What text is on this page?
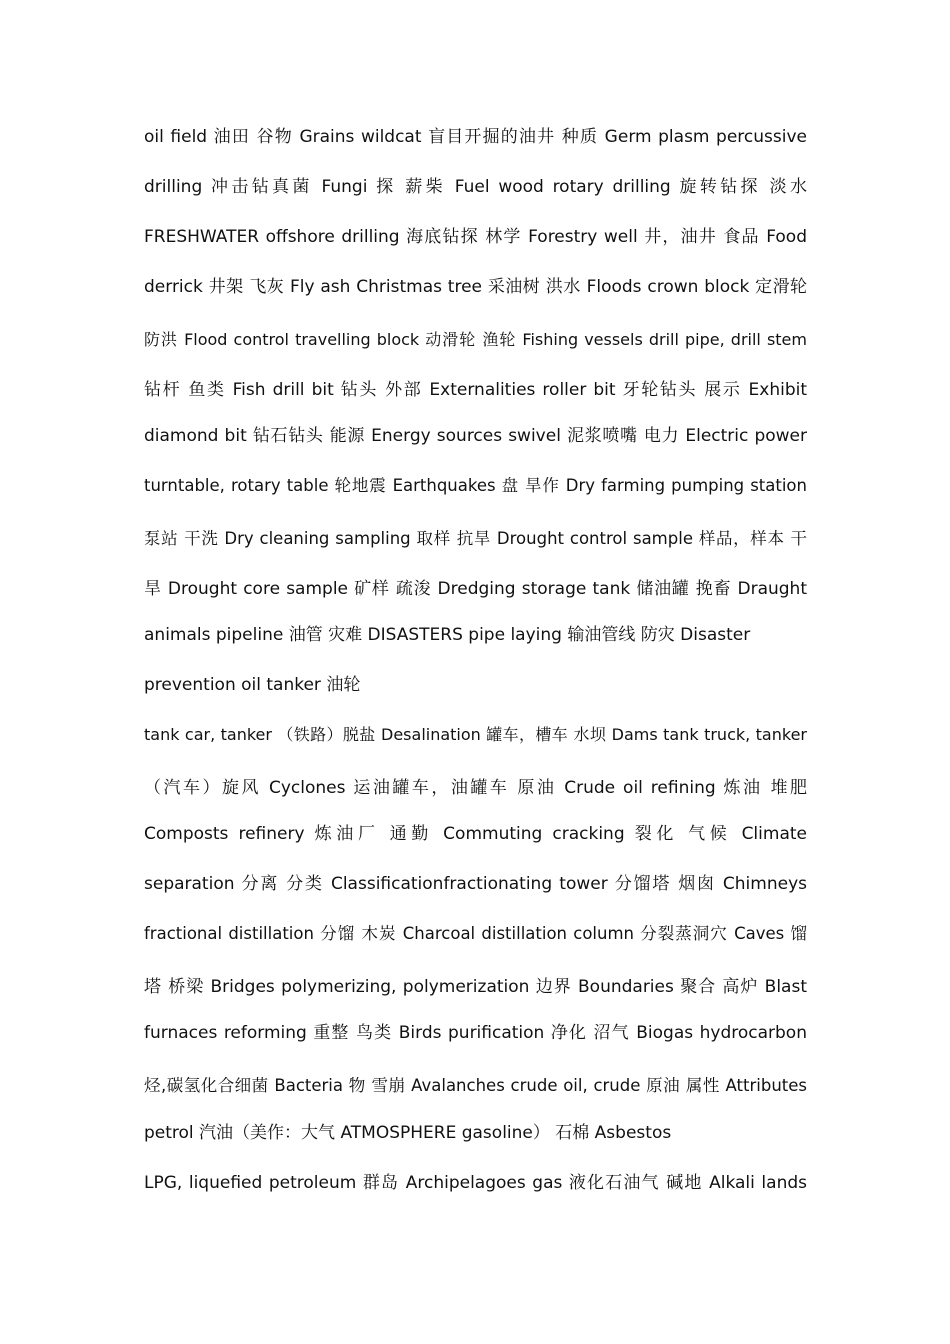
oil field 油田 谷物 Grains wildcat 盲目开掘的油井 种质 Germ plasm percussive
drilling 冲击钻真菌 Fungi 探 薪柴 Fuel wood rotary drilling 旋转钻探 淡水
FRESHWATER offshore drilling 海底钻探 林学 Forestry well 井，油井 食品 Food
derrick 井架 飞灰 Fly ash Christmas tree 采油树 洪水 Floods crown block 定滑轮
防洪 Flood control travelling block 动滑轮 渔轮 Fishing vessels drill pipe, drill stem
钻杆 鱼类 Fish drill bit 钻头 外部 Externalities roller bit 牙轮钻头 展示 Exhibit
diamond bit 钻石钻头 能源 Energy sources swivel 泥浆喷嘴 电力 Electric power
turntable, rotary table 轮地震 Earthquakes 盘 旱作 Dry farming pumping station
泵站 干洗 Dry cleaning sampling 取样 抗旱 Drought control sample 样品，样本 干
旱 Drought core sample 矿样 疏浚 Dredging storage tank 储油罐 挽畜 Draught
animals pipeline 油管 灾难 DISASTERS pipe laying 输油管线 防灾 Disaster
prevention oil tanker 油轮
tank car, tanker （铁路）脱盐 Desalination 罐车，槽车 水坝 Dams tank truck, tanker
（汽车）旋风 Cyclones 运油罐车，油罐车 原油 Crude oil refining 炼油 堆肥
Composts refinery 炼油厂 通勤 Commuting cracking 裂化 气候 Climate
separation 分离 分类 Classificationfractionating tower 分馏塔 烟囱 Chimneys
fractional distillation 分馏 木炭 Charcoal distillation column 分裂蒸洞穴 Caves 馏
塔 桥梁 Bridges polymerizing, polymerization 边界 Boundaries 聚合 高炉 Blast
furnaces reforming 重整 鸟类 Birds purification 净化 沼气 Biogas hydrocarbon
烃,碳氢化合细菌 Bacteria 物 雪崩 Avalanches crude oil, crude 原油 属性 Attributes
petrol 汽油（美作：大气 ATMOSPHERE gasoline） 石棉 Asbestos
LPG, liquefied petroleum 群岛 Archipelagoes gas 液化石油气 碱地 Alkali lands
